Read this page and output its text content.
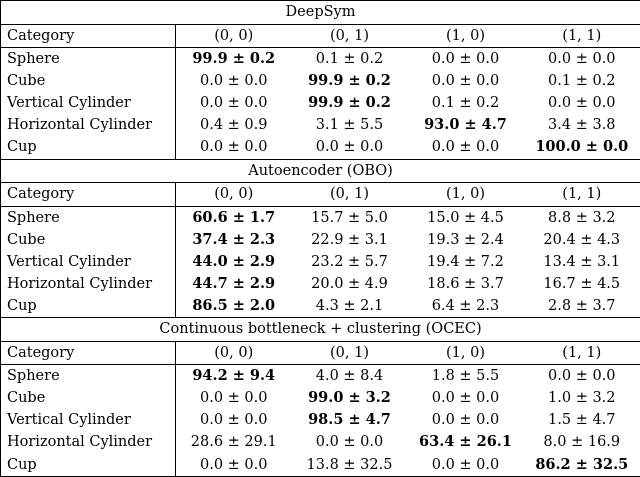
DeepSym				
Category	(0, 0)	(0, 1)	(1, 0)	(1, 1)
Sphere	99.9 ± 0.2	0.1 ± 0.2	0.0 ± 0.0	0.0 ± 0.0
Cube	0.0 ± 0.0	99.9 ± 0.2	0.0 ± 0.0	0.1 ± 0.2
Vertical Cylinder	0.0 ± 0.0	99.9 ± 0.2	0.1 ± 0.2	0.0 ± 0.0
Horizontal Cylinder	0.4 ± 0.9	3.1 ± 5.5	93.0 ± 4.7	3.4 ± 3.8
Cup	0.0 ± 0.0	0.0 ± 0.0	0.0 ± 0.0	100.0 ± 0.0
Autoencoder (OBO)				
Category	(0, 0)	(0, 1)	(1, 0)	(1, 1)
Sphere	60.6 ± 1.7	15.7 ± 5.0	15.0 ± 4.5	8.8 ± 3.2
Cube	37.4 ± 2.3	22.9 ± 3.1	19.3 ± 2.4	20.4 ± 4.3
Vertical Cylinder	44.0 ± 2.9	23.2 ± 5.7	19.4 ± 7.2	13.4 ± 3.1
Horizontal Cylinder	44.7 ± 2.9	20.0 ± 4.9	18.6 ± 3.7	16.7 ± 4.5
Cup	86.5 ± 2.0	4.3 ± 2.1	6.4 ± 2.3	2.8 ± 3.7
Continuous bottleneck + clustering (OCEC)				
Category	(0, 0)	(0, 1)	(1, 0)	(1, 1)
Sphere	94.2 ± 9.4	4.0 ± 8.4	1.8 ± 5.5	0.0 ± 0.0
Cube	0.0 ± 0.0	99.0 ± 3.2	0.0 ± 0.0	1.0 ± 3.2
Vertical Cylinder	0.0 ± 0.0	98.5 ± 4.7	0.0 ± 0.0	1.5 ± 4.7
Horizontal Cylinder	28.6 ± 29.1	0.0 ± 0.0	63.4 ± 26.1	8.0 ± 16.9
Cup	0.0 ± 0.0	13.8 ± 32.5	0.0 ± 0.0	86.2 ± 32.5
